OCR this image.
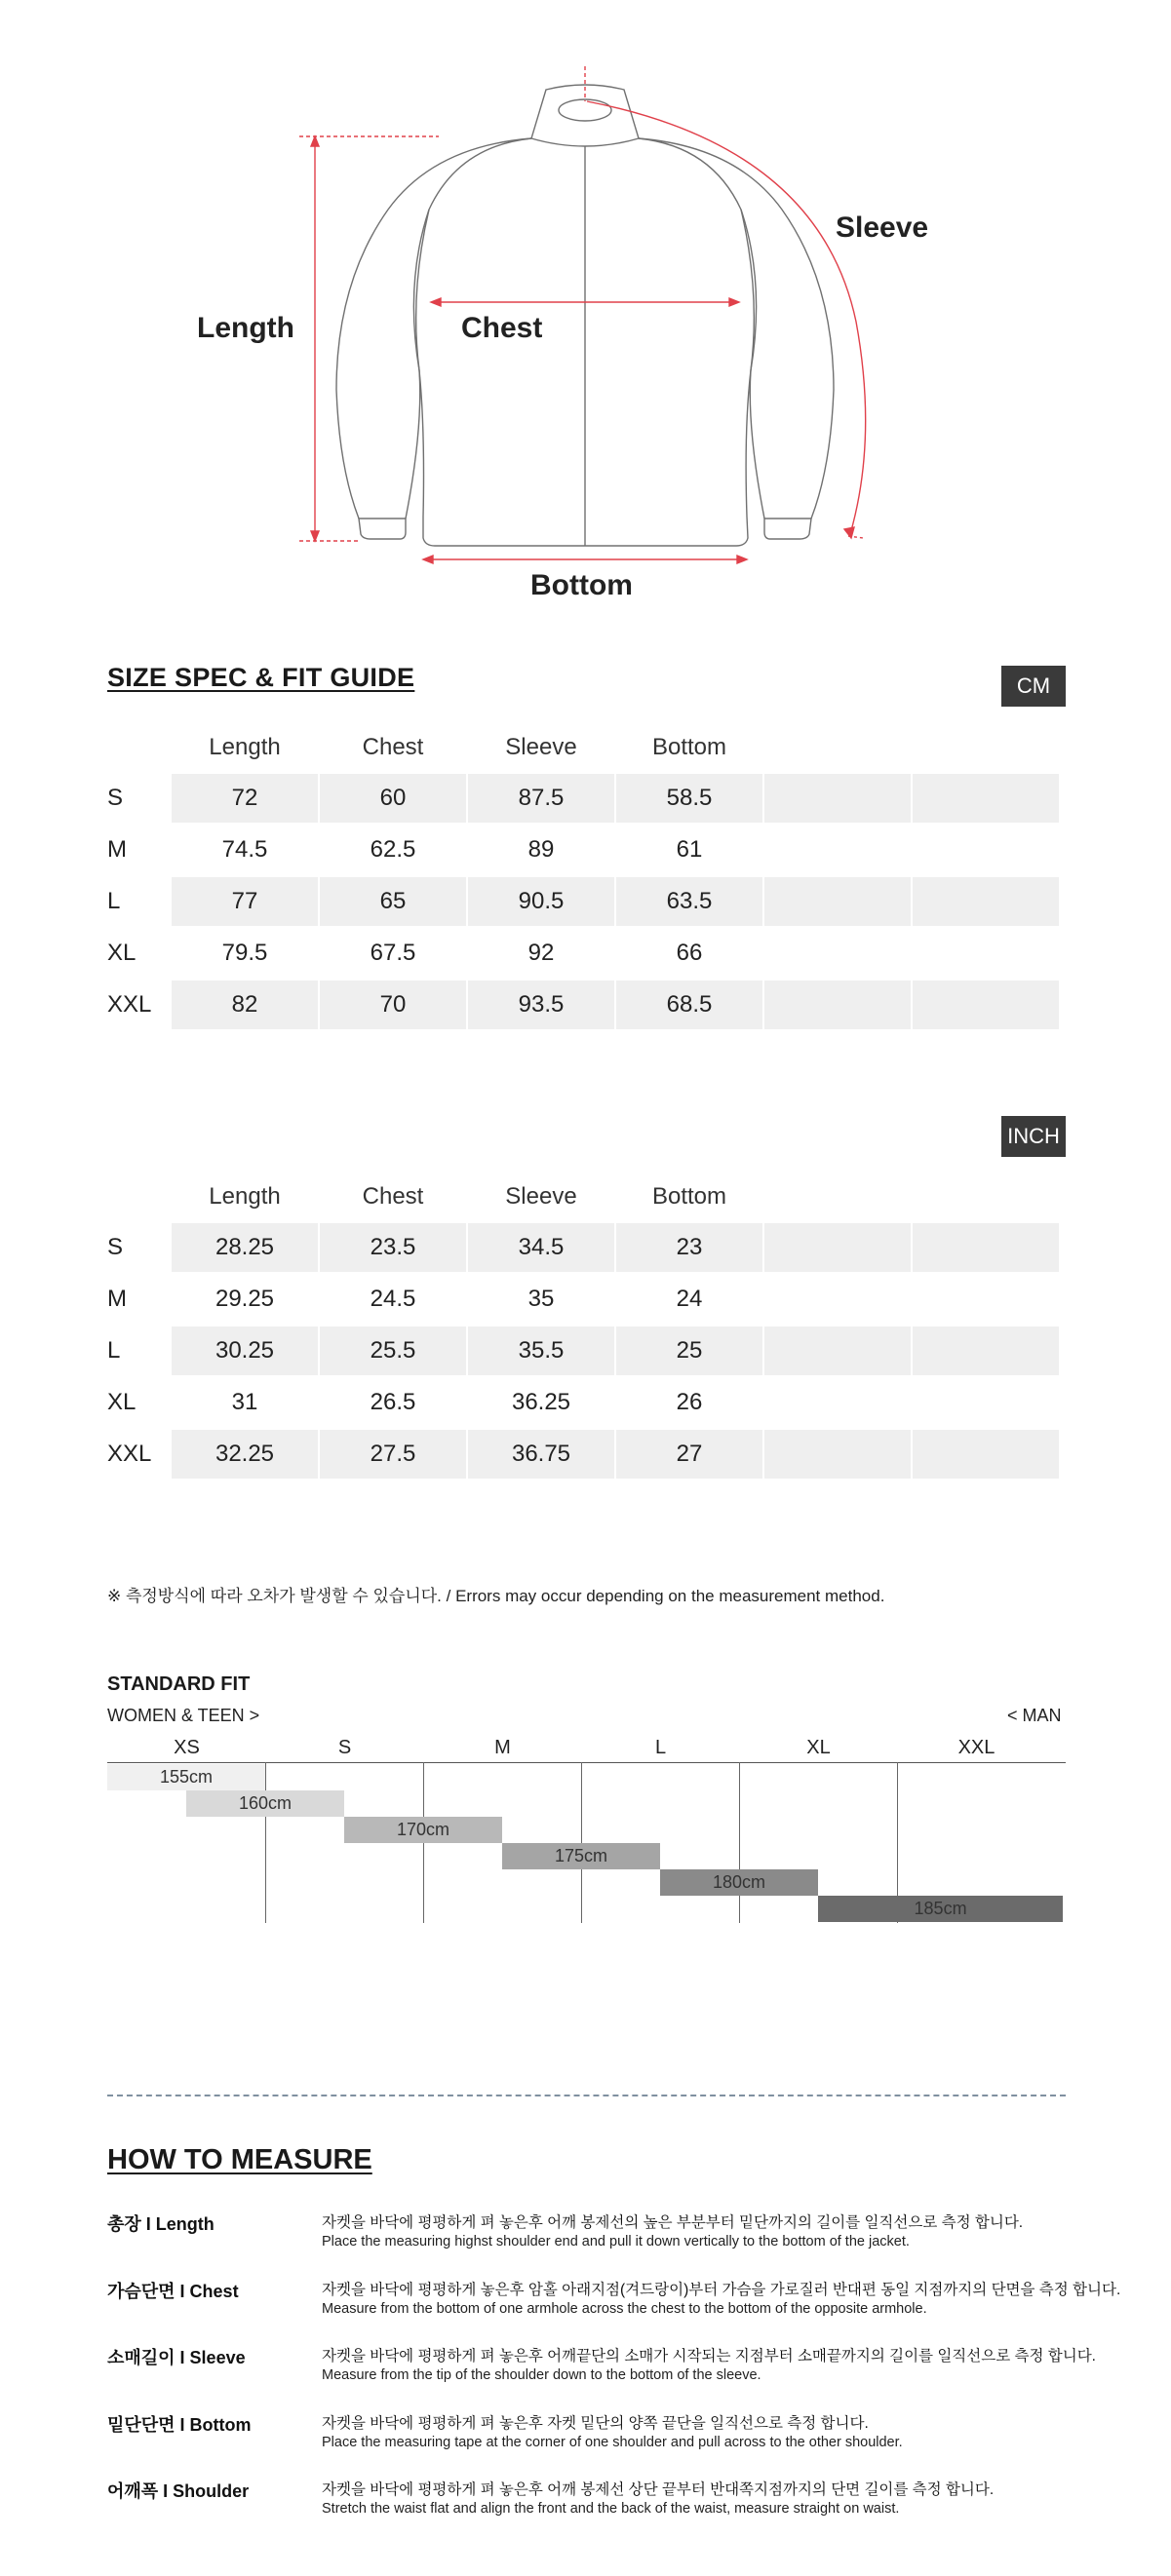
Length	Chest
Sleeve
Bottom
SIZE SPEC & FIT GUIDE	CM
Length	Chest	Sleeve	Bottom
S	72	60	87.5	58.5
M	74.5	62.5	89	61
L	77	65	90.5	63.5
XL	79.5	67.5	92	66
XXL	82	70	93.5	68.5
INCH
Length	Chest	Sleeve	Bottom
S	28.25	23.5	34.5	23
M	29.25	24.5	35	24
L	30.25	25.5	35.5	25
XL	31	26.5	36.25	26
XXL	32.25	27.5	36.75	27
※ 측정방식에 따라 오차가 발생할 수 있습니다. / Errors may occur depending on the measurement method.
STANDARD FIT
WOMEN & TEEN >	< MAN
XS	S	M	L	XL	XXL
155cm
160cm
170cm
175cm
180cm
185cm
HOW TO MEASURE
총장 I Length	자켓을 바닥에 평평하게 펴 놓은후 어깨 봉제선의 높은 부분부터 밑단까지의 길이를 일직선으로 측정 합니다.
Place the measuring highst shoulder end and pull it down vertically to the bottom of the jacket.
가슴단면 I Chest	자켓을 바닥에 평평하게 놓은후 암홀 아래지점(겨드랑이)부터 가슴을 가로질러 반대편 동일 지점까지의 단면을 측정 합니다.
Measure from the bottom of one armhole across the chest to the bottom of the opposite armhole.
소매길이 I Sleeve	자켓을 바닥에 평평하게 펴 놓은후 어깨끝단의 소매가 시작되는 지점부터 소매끝까지의 길이를 일직선으로 측정 합니다.
Measure from the tip of the shoulder down to the bottom of the sleeve.
밑단단면 I Bottom	자켓을 바닥에 평평하게 펴 놓은후 자켓 밑단의 양쪽 끝단을 일직선으로 측정 합니다.
Place the measuring tape at the corner of one shoulder and pull across to the other shoulder.
어깨폭 I Shoulder	자켓을 바닥에 평평하게 펴 놓은후 어깨 봉제선 상단 끝부터 반대쪽지점까지의 단면 길이를 측정 합니다.
Stretch the waist flat and align the front and the back of the waist, measure straight on waist.
